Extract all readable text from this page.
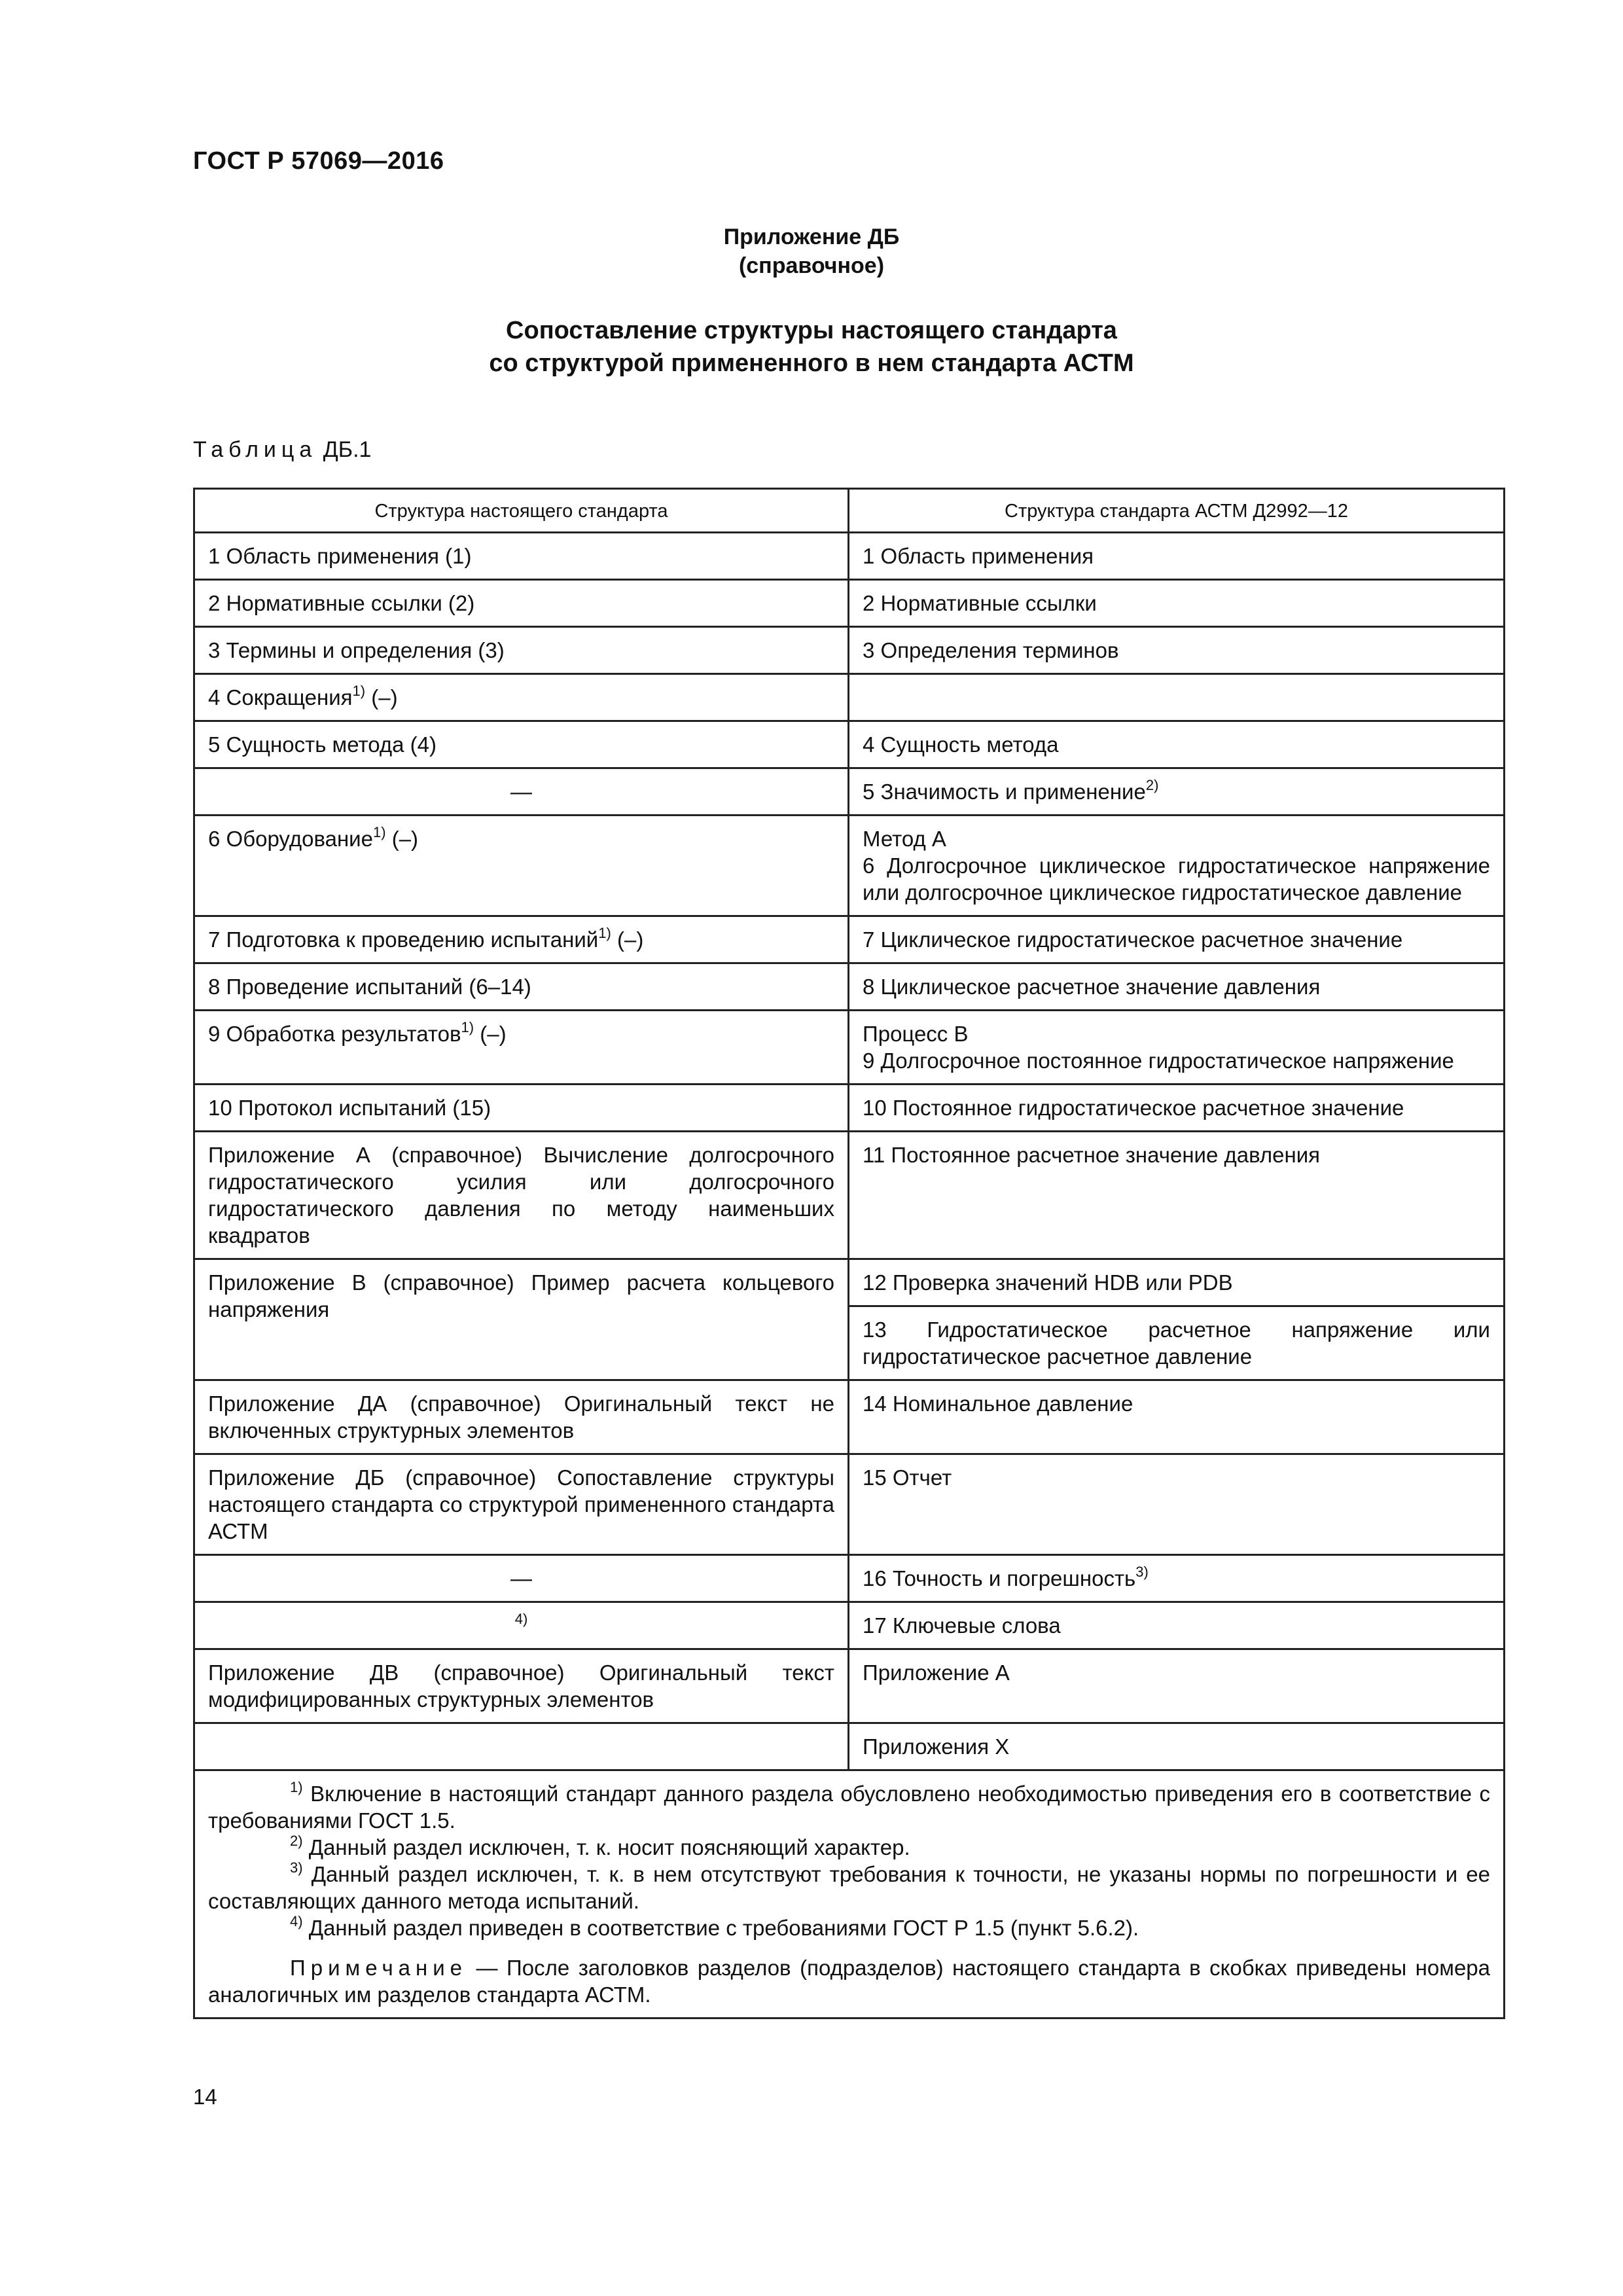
ГОСТ Р 57069—2016
Приложение ДБ
(справочное)
Сопоставление структуры настоящего стандарта
со структурой примененного в нем стандарта АСТМ
Таблица ДБ.1
Структура настоящего стандарта	Структура стандарта АСТМ Д2992—12
1 Область применения (1)	1 Область применения
2 Нормативные ссылки (2)	2 Нормативные ссылки
3 Термины и определения (3)	3 Определения терминов
4 Сокращения$^{1)}$ (–)	
5 Сущность метода (4)	4 Сущность метода
—	5 Значимость и применение$^{2)}$
6 Оборудование$^{1)}$ (–)	Метод А
6 Долгосрочное циклическое гидростатическое напряжение или долгосрочное циклическое гидростатическое давление

7 Подготовка к проведению испытаний$^{1)}$ (–)	7 Циклическое гидростатическое расчетное значение
8 Проведение испытаний (6–14)	8 Циклическое расчетное значение давления
9 Обработка результатов$^{1)}$ (–)	Процесс В
9 Долгосрочное постоянное гидростатическое напряжение

10 Протокол испытаний (15)	10 Постоянное гидростатическое расчетное значение
Приложение А (справочное) Вычисление долгосрочного гидростатического усилия или долгосрочного гидростатического давления по методу наименьших квадратов	11 Постоянное расчетное значение давления
Приложение В (справочное) Пример расчета кольцевого напряжения	12 Проверка значений HDB или PDB
	13 Гидростатическое расчетное напряжение или гидростатическое расчетное давление
Приложение ДА (справочное) Оригинальный текст не включенных структурных элементов	14 Номинальное давление
Приложение ДБ (справочное) Сопоставление структуры настоящего стандарта со структурой примененного стандарта АСТМ	15 Отчет
—	16 Точность и погрешность$^{3)}$
$^{4)}$	17 Ключевые слова
Приложение ДВ (справочное) Оригинальный текст модифицированных структурных элементов	Приложение А
	Приложения Х

$^{1)}$ Включение в настоящий стандарт данного раздела обусловлено необходимостью приведения его в соответствие с требованиями ГОСТ 1.5.
$^{2)}$ Данный раздел исключен, т. к. носит поясняющий характер.
$^{3)}$ Данный раздел исключен, т. к. в нем отсутствуют требования к точности, не указаны нормы по погрешности и ее составляющих данного метода испытаний.
$^{4)}$ Данный раздел приведен в соответствие с требованиями ГОСТ Р 1.5 (пункт 5.6.2).
Примечание — После заголовков разделов (подразделов) настоящего стандарта в скобках приведены номера аналогичных им разделов стандарта АСТМ.	
14
